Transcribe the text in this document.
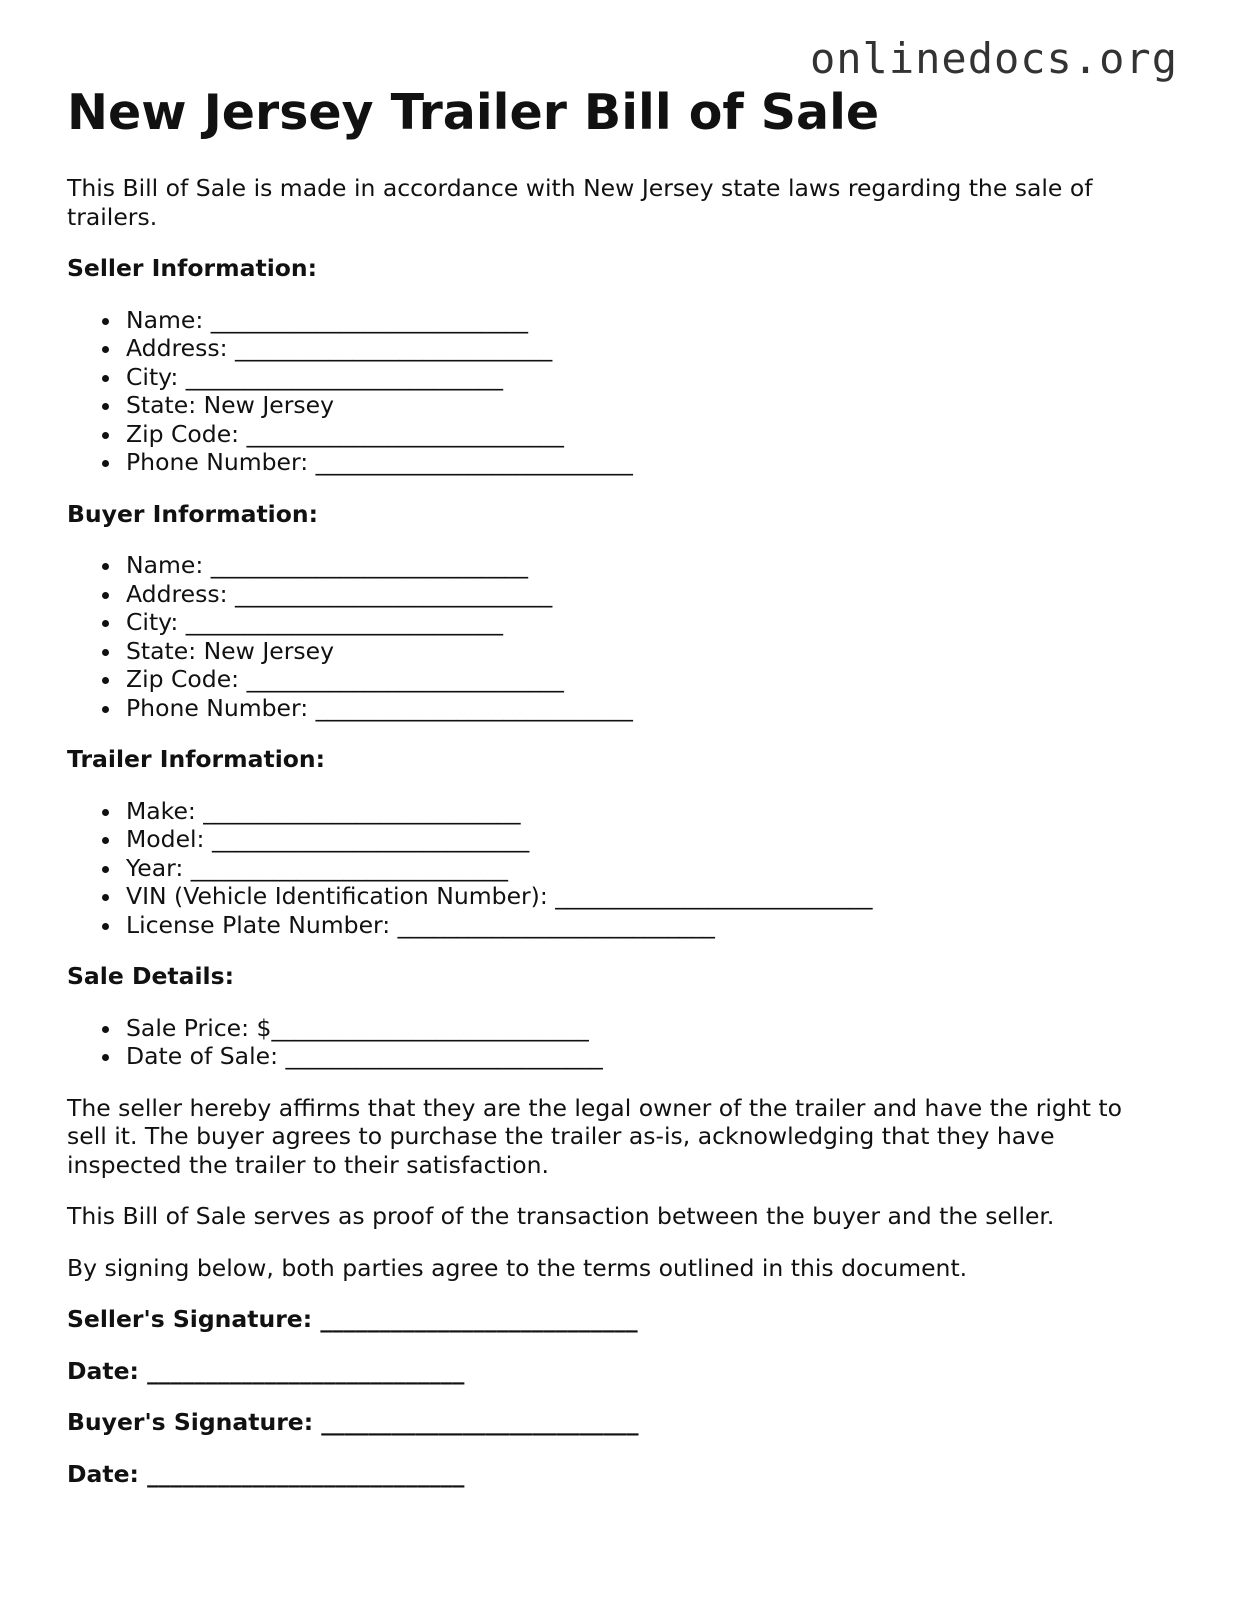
onlinedocs.org
New Jersey Trailer Bill of Sale

This Bill of Sale is made in accordance with New Jersey state laws regarding the sale of trailers.

Seller Information:
Name: ___________________________
Address: ___________________________
City: ___________________________
State: New Jersey
Zip Code: ___________________________
Phone Number: ___________________________
Buyer Information:
Name: ___________________________
Address: ___________________________
City: ___________________________
State: New Jersey
Zip Code: ___________________________
Phone Number: ___________________________
Trailer Information:
Make: ___________________________
Model: ___________________________
Year: ___________________________
VIN (Vehicle Identification Number): ___________________________
License Plate Number: ___________________________
Sale Details:
Sale Price: $___________________________
Date of Sale: ___________________________

The seller hereby affirms that they are the legal owner of the trailer and have the right to sell it. The buyer agrees to purchase the trailer as-is, acknowledging that they have inspected the trailer to their satisfaction.

This Bill of Sale serves as proof of the transaction between the buyer and the seller.

By signing below, both parties agree to the terms outlined in this document.

Seller's Signature: ___________________________
Date: ___________________________
Buyer's Signature: ___________________________
Date: ___________________________
